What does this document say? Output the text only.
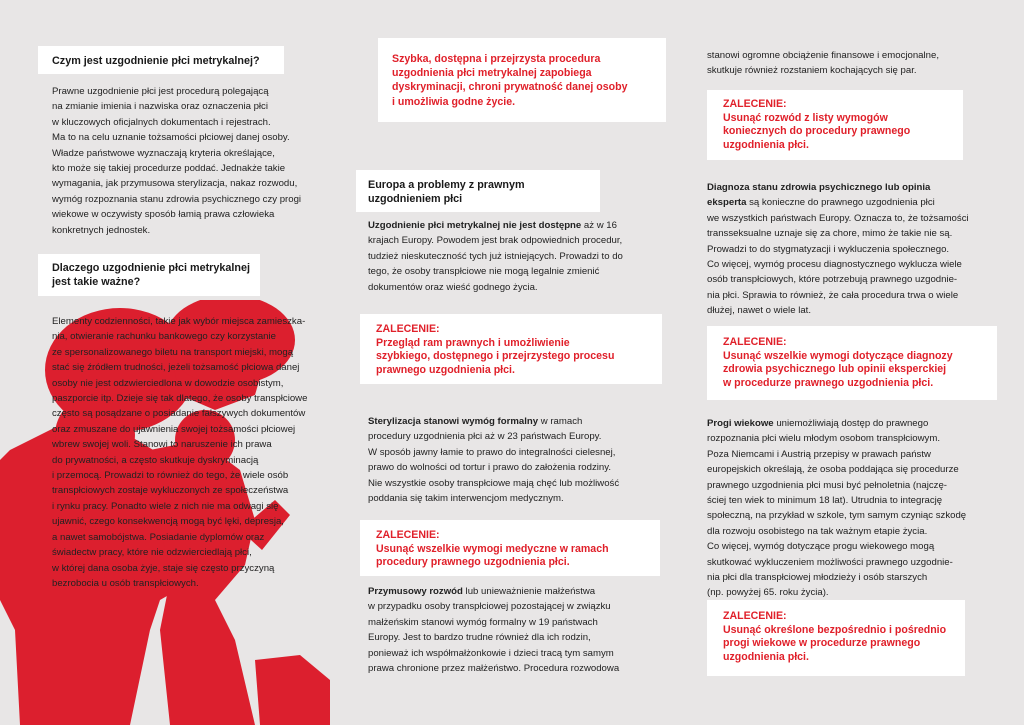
Czym jest uzgodnienie płci metrykalnej?
Prawne uzgodnienie płci jest procedurą polegającą
na zmianie imienia i nazwiska oraz oznaczenia płci
w kluczowych oficjalnych dokumentach i rejestrach.
Ma to na celu uznanie tożsamości płciowej danej osoby.
Władze państwowe wyznaczają kryteria określające,
kto może się takiej procedurze poddać. Jednakże takie
wymagania, jak przymusowa sterylizacja, nakaz rozwodu,
wymóg rozpoznania stanu zdrowia psychicznego czy progi
wiekowe w oczywisty sposób łamią prawa człowieka
konkretnych jednostek.
Dlaczego uzgodnienie płci metrykalnej
jest takie ważne?
Elementy codzienności, takie jak wybór miejsca zamieszka-
nia, otwieranie rachunku bankowego czy korzystanie
ze spersonalizowanego biletu na transport miejski, mogą
stać się źródłem trudności, jeżeli tożsamość płciowa danej
osoby nie jest odzwierciedlona w dowodzie osobistym,
paszporcie itp. Dzieje się tak dlatego, że osoby transpłciowe
często są posądzane o posiadanie fałszywych dokumentów
oraz zmuszane do ujawnienia swojej tożsamości płciowej
wbrew swojej woli. Stanowi to naruszenie ich prawa
do prywatności, a często skutkuje dyskryminacją
i przemocą. Prowadzi to również do tego, że wiele osób
transpłciowych zostaje wykluczonych ze społeczeństwa
i rynku pracy. Ponadto wiele z nich nie ma odwagi się
ujawnić, czego konsekwencją mogą być lęki, depresja,
a nawet samobójstwa. Posiadanie dyplomów oraz
świadectw pracy, które nie odzwierciedlają płci,
w której dana osoba żyje, staje się często przyczyną
bezrobocia u osób transpłciowych.
Szybka, dostępna i przejrzysta procedura
uzgodnienia płci metrykalnej zapobiega
dyskryminacji, chroni prywatność danej osoby
i umożliwia godne życie.
Europa a problemy z prawnym
uzgodnieniem płci
Uzgodnienie płci metrykalnej nie jest dostępne aż w 16
krajach Europy. Powodem jest brak odpowiednich procedur,
tudzież nieskuteczność tych już istniejących. Prowadzi to do
tego, że osoby transpłciowe nie mogą legalnie zmienić
dokumentów oraz wieść godnego życia.
ZALECENIE:
Przegląd ram prawnych i umożliwienie
szybkiego, dostępnego i przejrzystego procesu
prawnego uzgodnienia płci.
Sterylizacja stanowi wymóg formalny w ramach
procedury uzgodnienia płci aż w 23 państwach Europy.
W sposób jawny łamie to prawo do integralności cielesnej,
prawo do wolności od tortur i prawo do założenia rodziny.
Nie wszystkie osoby transpłciowe mają chęć lub możliwość
poddania się takim interwencjom medycznym.
ZALECENIE:
Usunąć wszelkie wymogi medyczne w ramach
procedury prawnego uzgodnienia płci.
Przymusowy rozwód lub unieważnienie małżeństwa
w przypadku osoby transpłciowej pozostającej w związku
małżeńskim stanowi wymóg formalny w 19 państwach
Europy. Jest to bardzo trudne również dla ich rodzin,
ponieważ ich współmałżonkowie i dzieci tracą tym samym
prawa chronione przez małżeństwo. Procedura rozwodowa
stanowi ogromne obciążenie finansowe i emocjonalne,
skutkuje również rozstaniem kochających się par.
ZALECENIE:
Usunąć rozwód z listy wymogów
koniecznych do procedury prawnego
uzgodnienia płci.
Diagnoza stanu zdrowia psychicznego lub opinia
eksperta są konieczne do prawnego uzgodnienia płci
we wszystkich państwach Europy. Oznacza to, że tożsamości
transseksualne uznaje się za chore, mimo że takie nie są.
Prowadzi to do stygmatyzacji i wykluczenia społecznego.
Co więcej, wymóg procesu diagnostycznego wyklucza wiele
osób transpłciowych, które potrzebują prawnego uzgodnie-
nia płci. Sprawia to również, że cała procedura trwa o wiele
dłużej, nawet o wiele lat.
ZALECENIE:
Usunąć wszelkie wymogi dotyczące diagnozy
zdrowia psychicznego lub opinii eksperckiej
w procedurze prawnego uzgodnienia płci.
Progi wiekowe uniemożliwiają dostęp do prawnego
rozpoznania płci wielu młodym osobom transpłciowym.
Poza Niemcami i Austrią przepisy w prawach państw
europejskich określają, że osoba poddająca się procedurze
prawnego uzgodnienia płci musi być pełnoletnia (najczę-
ściej ten wiek to minimum 18 lat). Utrudnia to integrację
społeczną, na przykład w szkole, tym samym czyniąc szkodę
dla rozwoju osobistego na tak ważnym etapie życia.
Co więcej, wymóg dotyczące progu wiekowego mogą
skutkować wykluczeniem możliwości prawnego uzgodnie-
nia płci dla transpłciowej młodzieży i osób starszych
(np. powyżej 65. roku życia).
ZALECENIE:
Usunąć określone bezpośrednio i pośrednio
progi wiekowe w procedurze prawnego
uzgodnienia płci.
